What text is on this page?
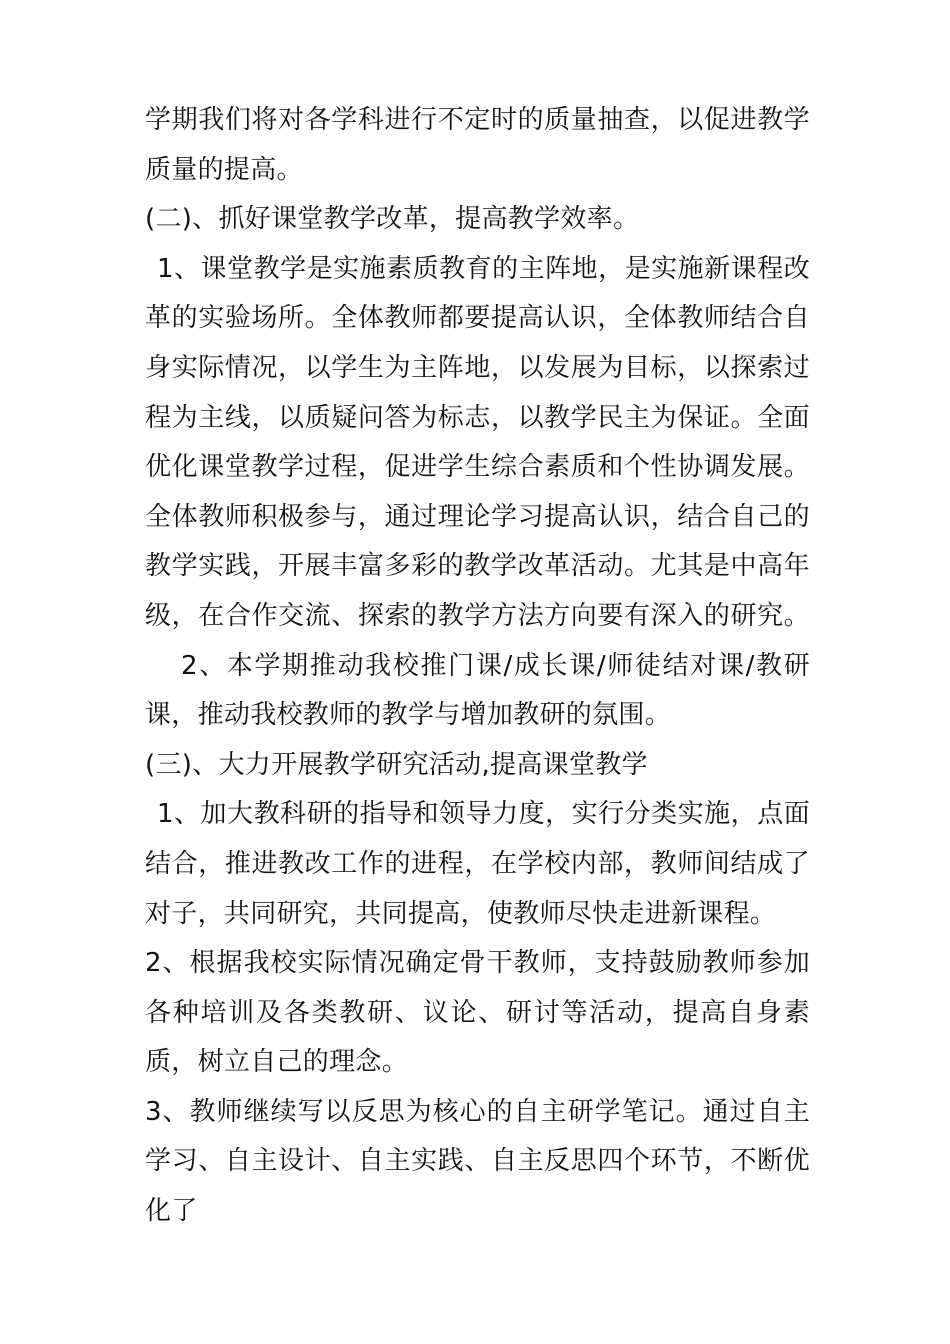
学期我们将对各学科进行不定时的质量抽查，以促进教学质量的提高。

(二)、抓好课堂教学改革，提高教学效率。

1、课堂教学是实施素质教育的主阵地，是实施新课程改革的实验场所。全体教师都要提高认识，全体教师结合自身实际情况，以学生为主阵地，以发展为目标，以探索过程为主线，以质疑问答为标志，以教学民主为保证。全面优化课堂教学过程，促进学生综合素质和个性协调发展。全体教师积极参与，通过理论学习提高认识，结合自己的教学实践，开展丰富多彩的教学改革活动。尤其是中高年级，在合作交流、探索的教学方法方向要有深入的研究。2、本学期推动我校推门课/成长课/师徒结对课/教研课，推动我校教师的教学与增加教研的氛围。

(三)、大力开展教学研究活动,提高课堂教学

1、加大教科研的指导和领导力度，实行分类实施，点面结合，推进教改工作的进程，在学校内部，教师间结成了对子，共同研究，共同提高，使教师尽快走进新课程。

2、根据我校实际情况确定骨干教师，支持鼓励教师参加各种培训及各类教研、议论、研讨等活动，提高自身素质，树立自己的理念。

3、教师继续写以反思为核心的自主研学笔记。通过自主学习、自主设计、自主实践、自主反思四个环节，不断优化了
